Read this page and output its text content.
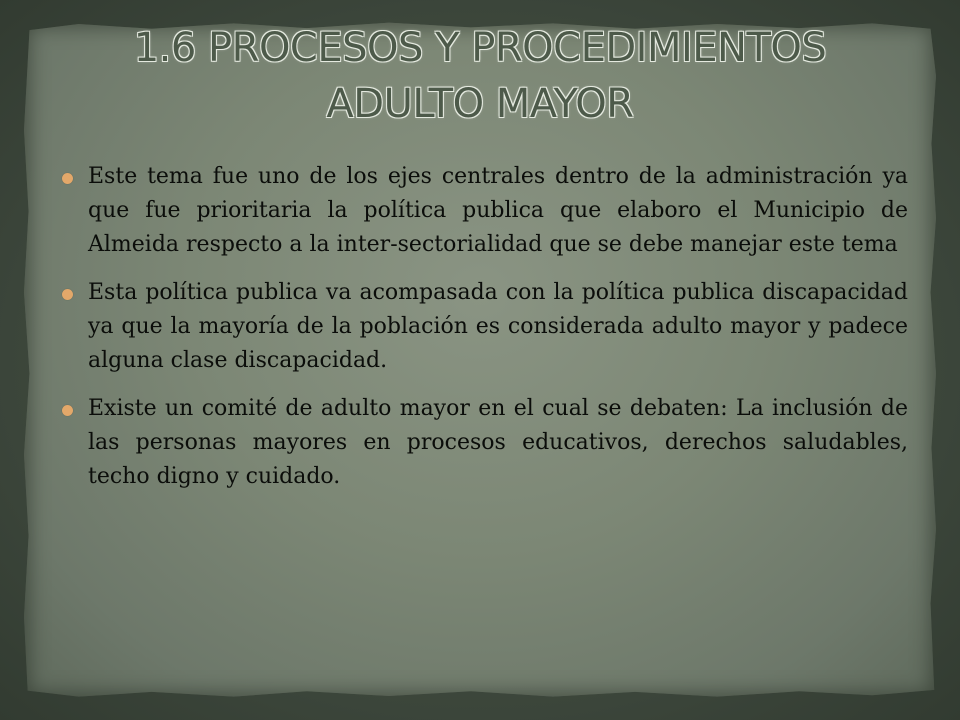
1.6 PROCESOS Y PROCEDIMIENTOS ADULTO MAYOR
Este tema fue uno de los ejes centrales dentro de la administración ya que fue prioritaria la política publica que elaboro el Municipio de Almeida respecto a la inter-sectorialidad que se debe manejar este tema
Esta política publica va acompasada con la política publica discapacidad ya que la mayoría de la población es considerada adulto mayor y padece alguna clase discapacidad.
Existe un comité de adulto mayor en el cual se debaten: La inclusión de las personas mayores en procesos educativos, derechos saludables, techo digno y cuidado.
